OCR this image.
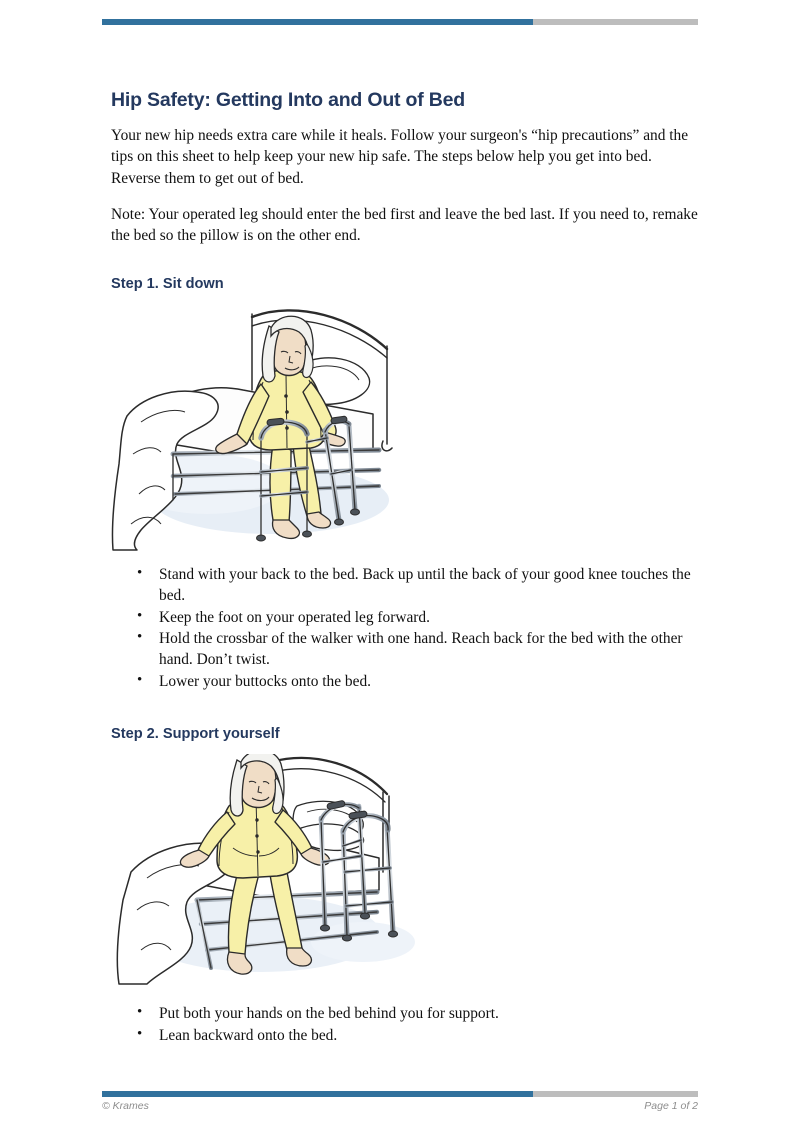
Hip Safety: Getting Into and Out of Bed

Your new hip needs extra care while it heals. Follow your surgeon's “hip precautions” and the tips on this sheet to help keep your new hip safe. The steps below help you get into bed. Reverse them to get out of bed.

Note: Your operated leg should enter the bed first and leave the bed last. If you need to, remake the bed so the pillow is on the other end.

Step 1. Sit down
• Stand with your back to the bed. Back up until the back of your good knee touches the bed.
• Keep the foot on your operated leg forward.
• Hold the crossbar of the walker with one hand. Reach back for the bed with the other hand. Don’t twist.
• Lower your buttocks onto the bed.
Step 2. Support yourself
• Put both your hands on the bed behind you for support.
• Lean backward onto the bed.
© Krames	Page 1 of 2
